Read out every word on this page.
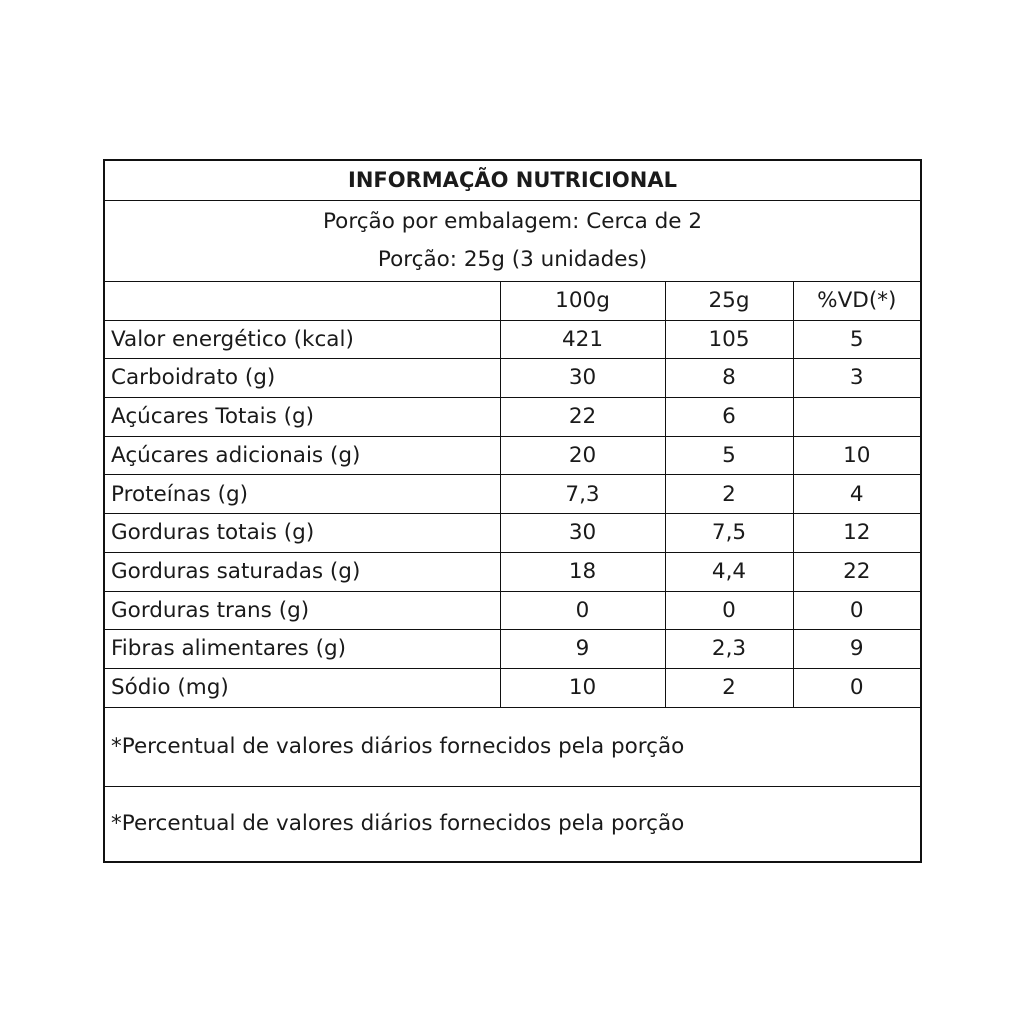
INFORMAÇÃO NUTRICIONAL			

Porção por embalagem: Cerca de 2
Porção: 25g (3 unidades)			

	100g	25g	%VD(*)
Valor energético (kcal)	421	105	5
Carboidrato (g)	30	8	3
Açúcares Totais (g)	22	6	
Açúcares adicionais (g)	20	5	10
Proteínas (g)	7,3	2	4
Gorduras totais (g)	30	7,5	12
Gorduras saturadas (g)	18	4,4	22
Gorduras trans (g)	0	0	0
Fibras alimentares (g)	9	2,3	9
Sódio (mg)	10	2	0
*Percentual de valores diários fornecidos pela porção			
*Percentual de valores diários fornecidos pela porção			
